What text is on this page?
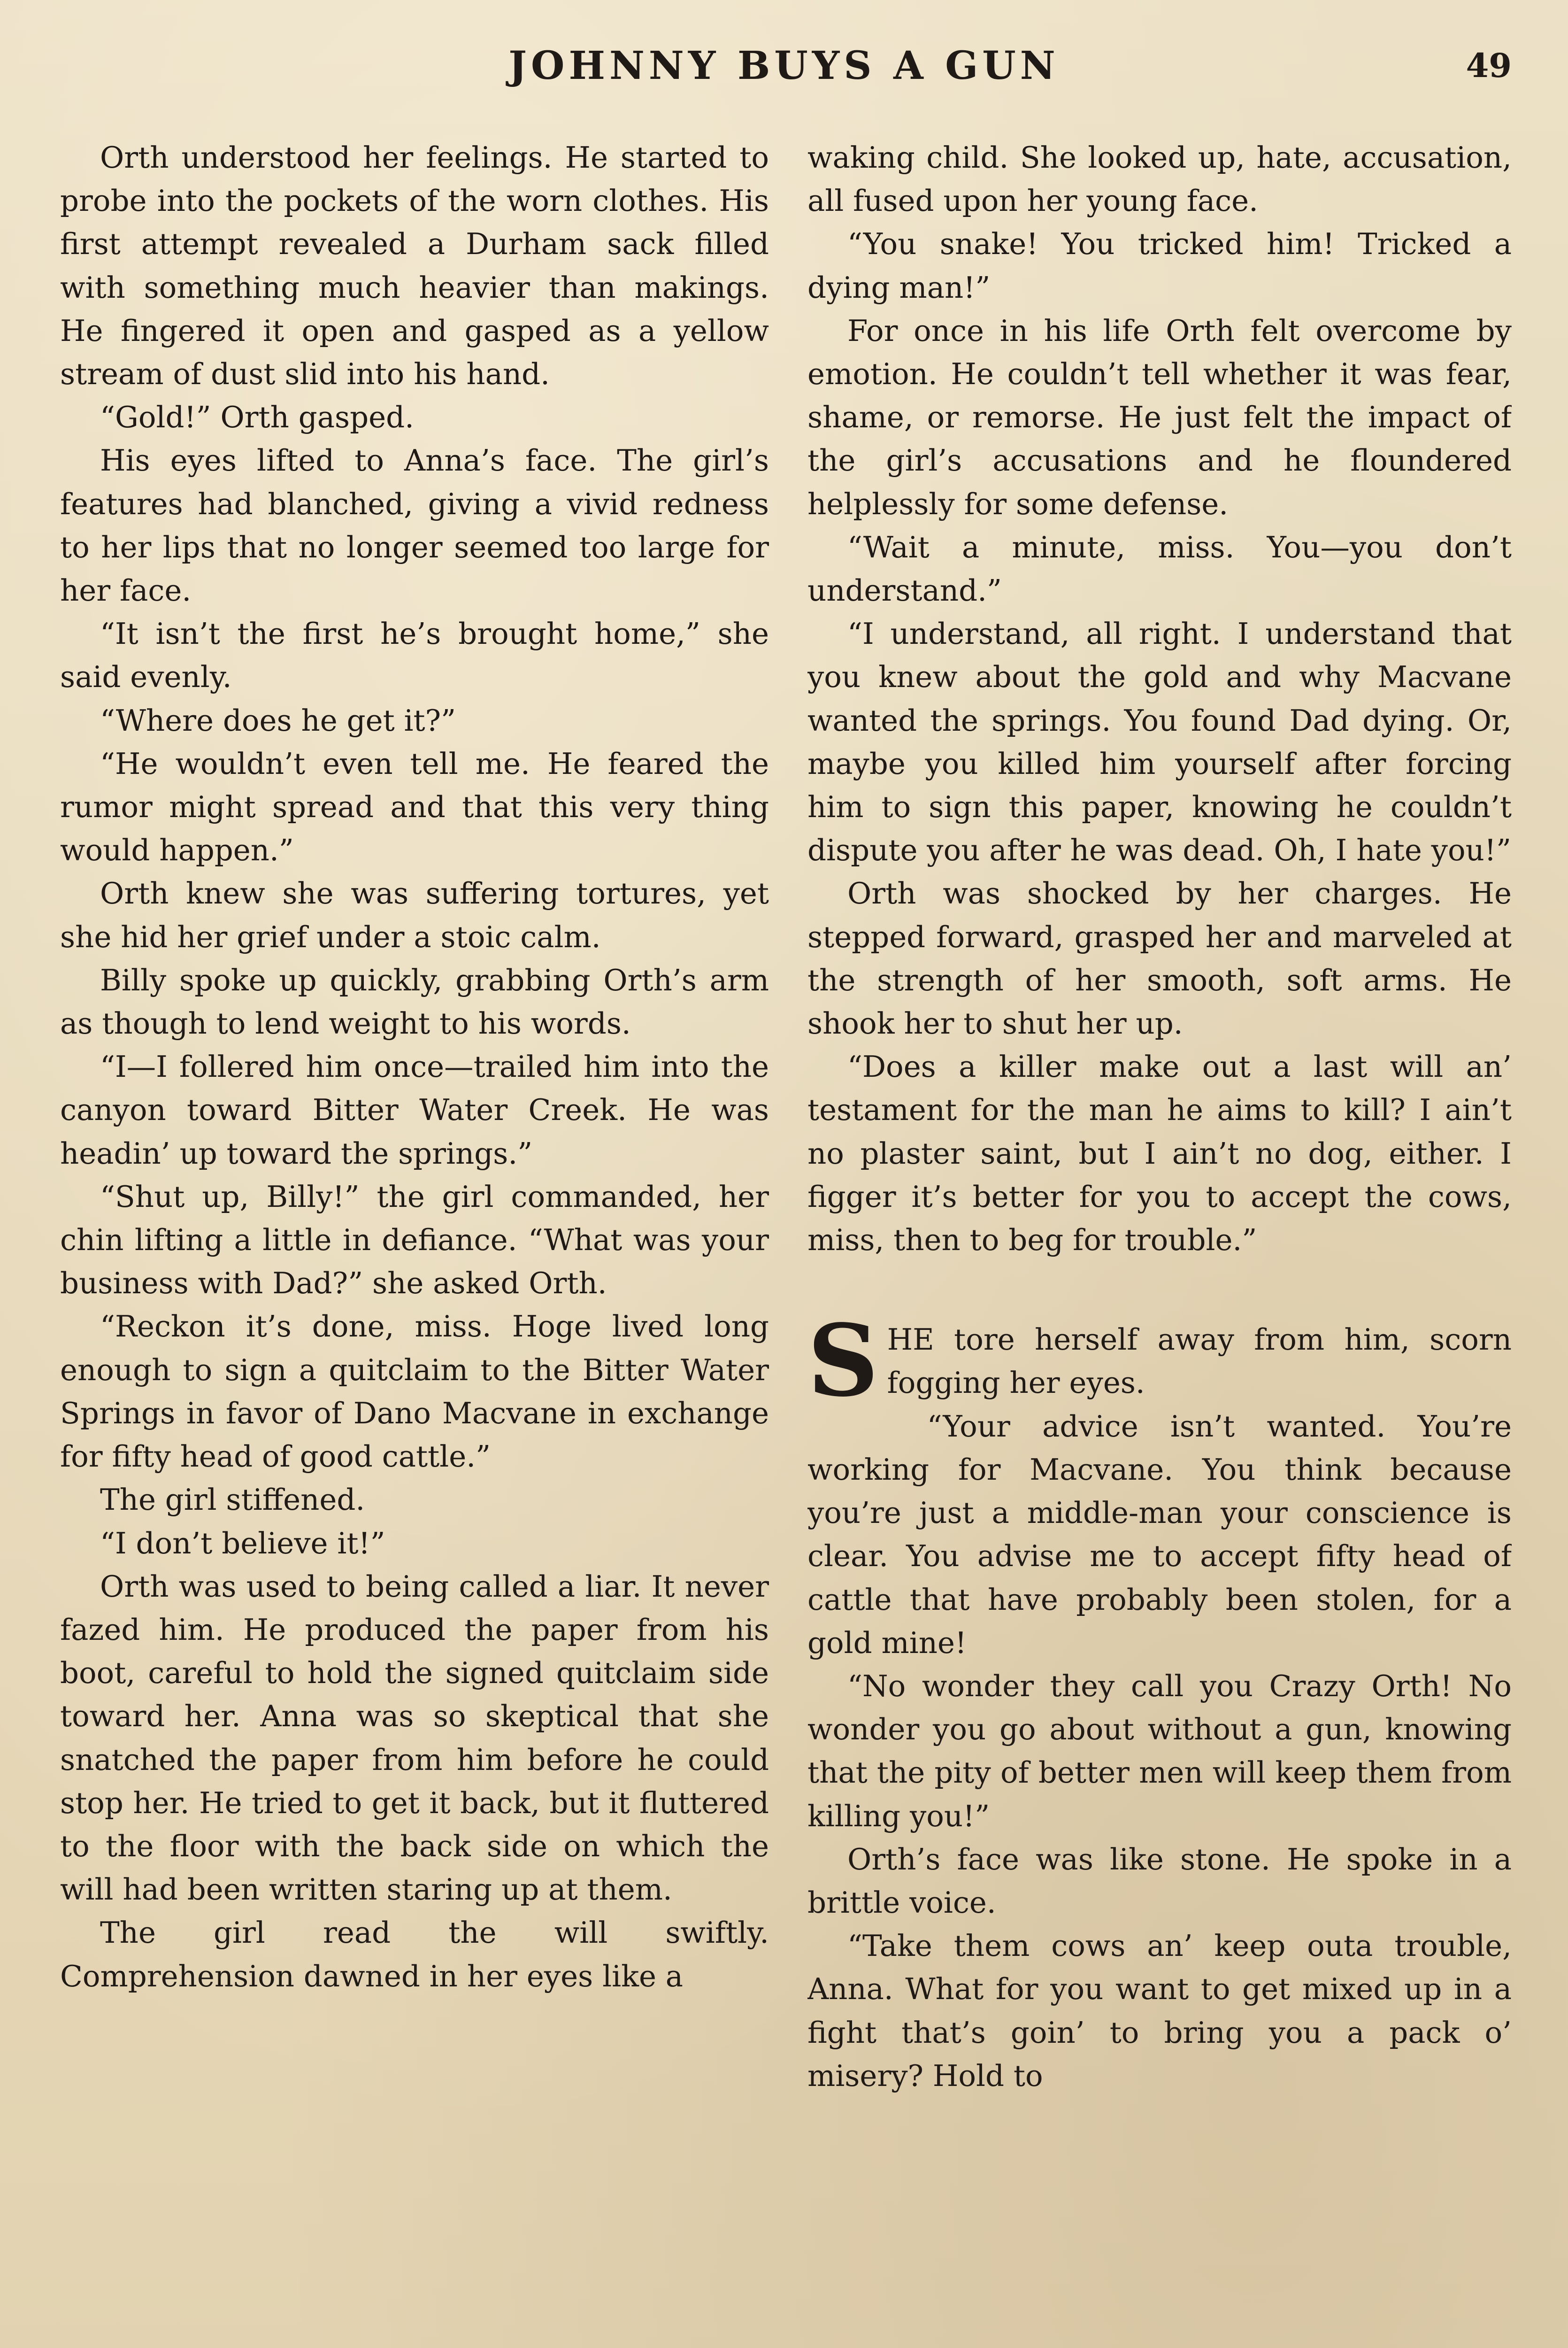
JOHNNY BUYS A GUN	49

Orth understood her feelings. He started to probe into the pockets of the worn clothes. His first attempt revealed a Durham sack filled with something much heavier than makings. He fingered it open and gasped as a yellow stream of dust slid into his hand.

“Gold!” Orth gasped.

His eyes lifted to Anna’s face. The girl’s features had blanched, giving a vivid redness to her lips that no longer seemed too large for her face.

“It isn’t the first he’s brought home,” she said evenly.

“Where does he get it?”

“He wouldn’t even tell me. He feared the rumor might spread and that this very thing would happen.”

Orth knew she was suffering tortures, yet she hid her grief under a stoic calm.

Billy spoke up quickly, grabbing Orth’s arm as though to lend weight to his words.

“I—I follered him once—trailed him into the canyon toward Bitter Water Creek. He was headin’ up toward the springs.”

“Shut up, Billy!” the girl commanded, her chin lifting a little in defiance. “What was your business with Dad?” she asked Orth.

“Reckon it’s done, miss. Hoge lived long enough to sign a quitclaim to the Bitter Water Springs in favor of Dano Macvane in exchange for fifty head of good cattle.”

The girl stiffened.

“I don’t believe it!”

Orth was used to being called a liar. It never fazed him. He produced the paper from his boot, careful to hold the signed quitclaim side toward her. Anna was so skeptical that she snatched the paper from him before he could stop her. He tried to get it back, but it fluttered to the floor with the back side on which the will had been written staring up at them.

The girl read the will swiftly. Comprehension dawned in her eyes like a

waking child. She looked up, hate, accusation, all fused upon her young face.

“You snake! You tricked him! Tricked a dying man!”

For once in his life Orth felt overcome by emotion. He couldn’t tell whether it was fear, shame, or remorse. He just felt the impact of the girl’s accusations and he floundered helplessly for some defense.

“Wait a minute, miss. You—you don’t understand.”

“I understand, all right. I understand that you knew about the gold and why Macvane wanted the springs. You found Dad dying. Or, maybe you killed him yourself after forcing him to sign this paper, knowing he couldn’t dispute you after he was dead. Oh, I hate you!”

Orth was shocked by her charges. He stepped forward, grasped her and marveled at the strength of her smooth, soft arms. He shook her to shut her up.

“Does a killer make out a last will an’ testament for the man he aims to kill? I ain’t no plaster saint, but I ain’t no dog, either. I figger it’s better for you to accept the cows, miss, then to beg for trouble.”

SHE tore herself away from him, scorn fogging her eyes.

“Your advice isn’t wanted. You’re working for Macvane. You think because you’re just a middle-man your conscience is clear. You advise me to accept fifty head of cattle that have probably been stolen, for a gold mine!

“No wonder they call you Crazy Orth! No wonder you go about without a gun, knowing that the pity of better men will keep them from killing you!”

Orth’s face was like stone. He spoke in a brittle voice.

“Take them cows an’ keep outa trouble, Anna. What for you want to get mixed up in a fight that’s goin’ to bring you a pack o’ misery? Hold to
